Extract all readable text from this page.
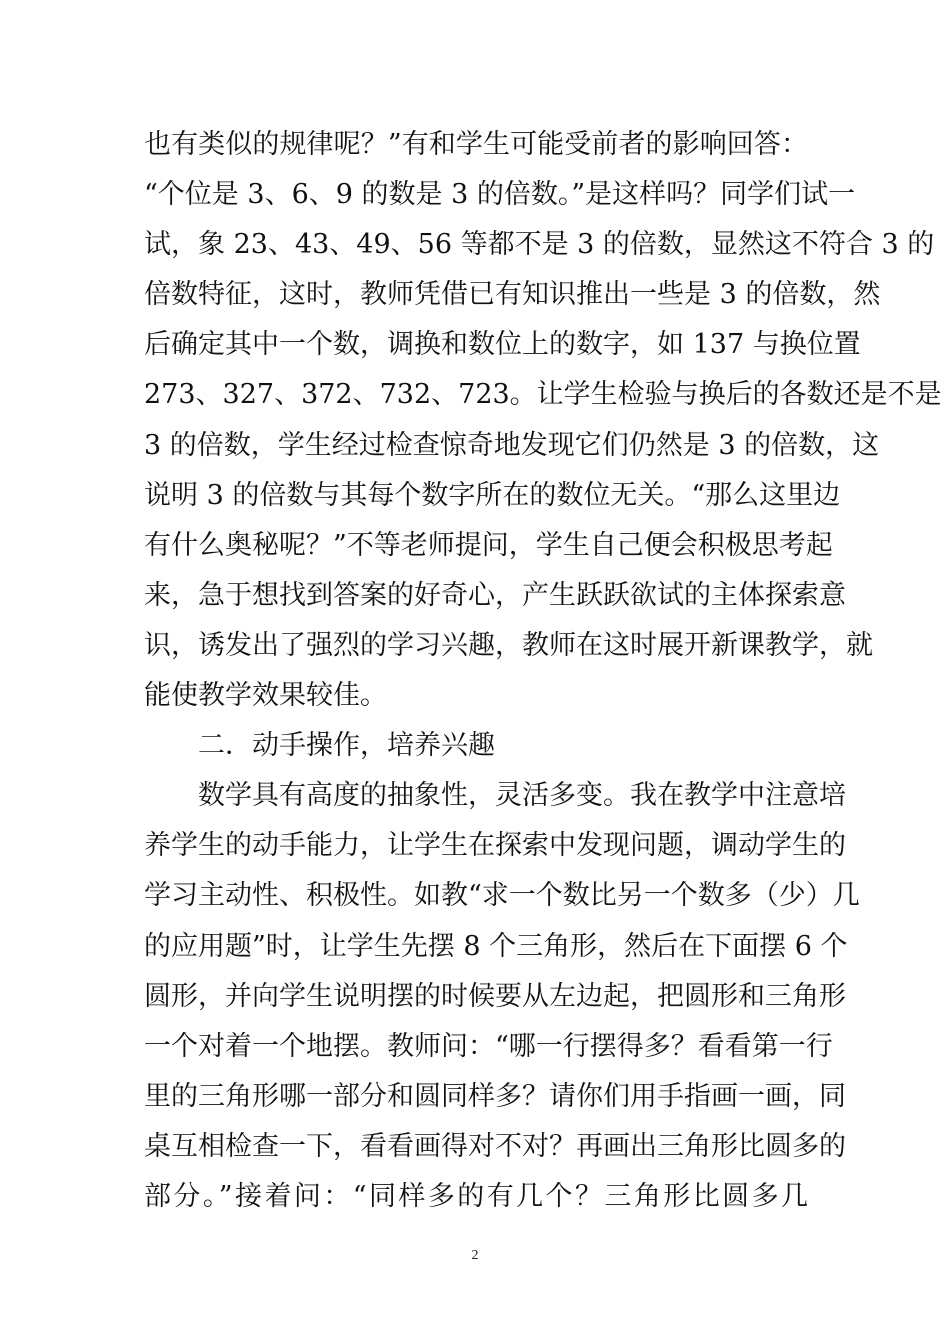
也有类似的规律呢？”有和学生可能受前者的影响回答：
“个位是 3、6、9 的数是 3 的倍数。”是这样吗？同学们试一
试，象 23、43、49、56 等都不是 3 的倍数，显然这不符合 3 的
倍数特征，这时，教师凭借已有知识推出一些是 3 的倍数，然
后确定其中一个数，调换和数位上的数字，如 137 与换位置
273、327、372、732、723。让学生检验与换后的各数还是不是
3 的倍数，学生经过检查惊奇地发现它们仍然是 3 的倍数，这
说明 3 的倍数与其每个数字所在的数位无关。“那么这里边
有什么奥秘呢？”不等老师提问，学生自己便会积极思考起
来，急于想找到答案的好奇心，产生跃跃欲试的主体探索意
识，诱发出了强烈的学习兴趣，教师在这时展开新课教学，就
能使教学效果较佳。
二．动手操作，培养兴趣
数学具有高度的抽象性，灵活多变。我在教学中注意培
养学生的动手能力，让学生在探索中发现问题，调动学生的
学习主动性、积极性。如教“求一个数比另一个数多（少）几
的应用题”时，让学生先摆 8 个三角形，然后在下面摆 6 个
圆形，并向学生说明摆的时候要从左边起，把圆形和三角形
一个对着一个地摆。教师问：“哪一行摆得多？看看第一行
里的三角形哪一部分和圆同样多？请你们用手指画一画，同
桌互相检查一下，看看画得对不对？再画出三角形比圆多的
部分。”接着问：“同样多的有几个？三角形比圆多几
2
